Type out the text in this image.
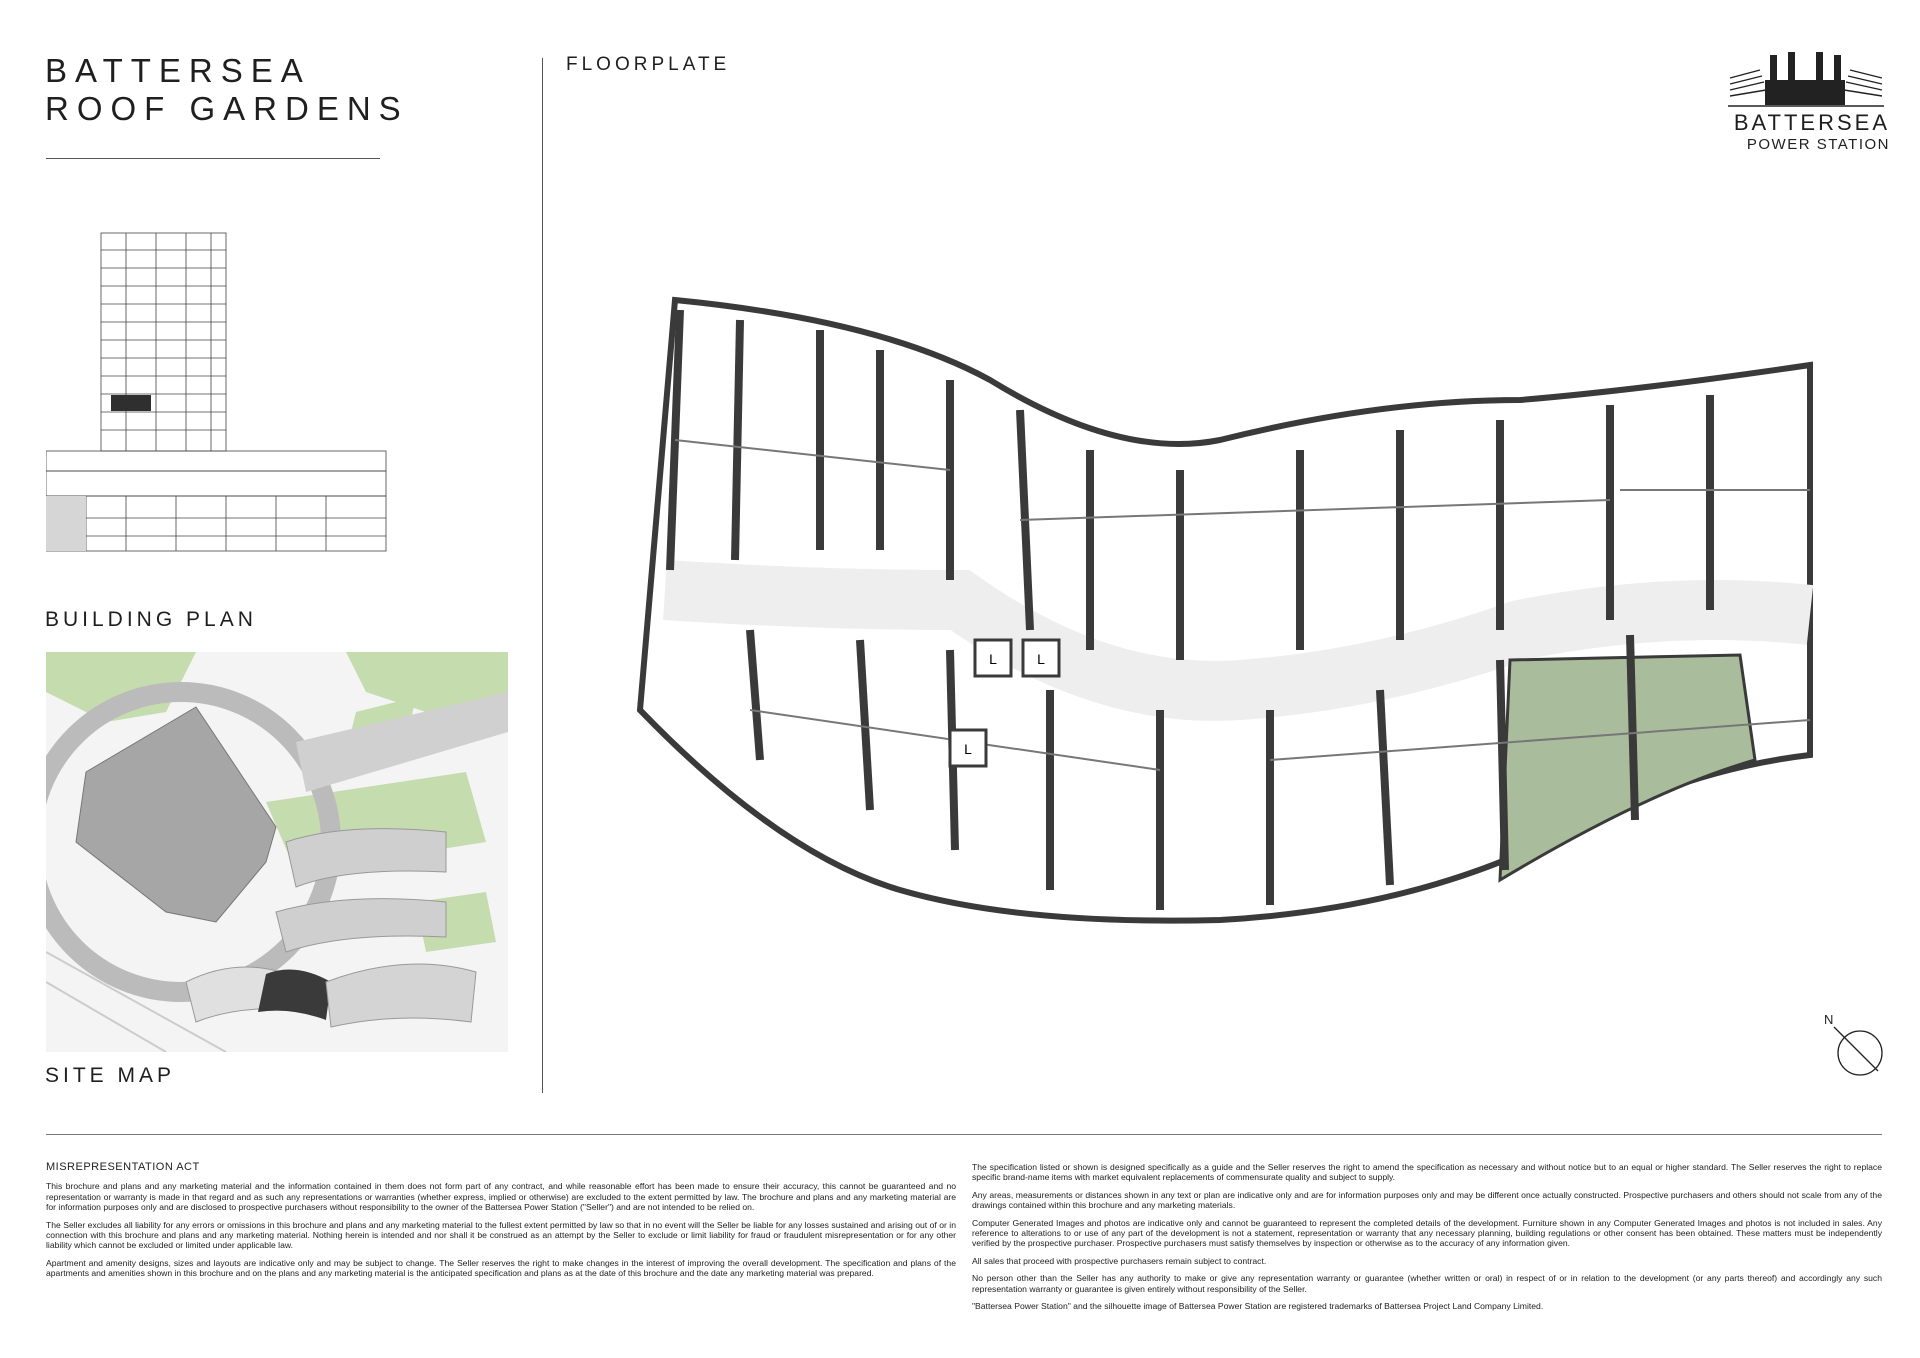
BATTERSEA
ROOF GARDENS
FLOORPLATE
BATTERSEA
POWER STATION
BUILDING PLAN
SITE MAP
L	L
L
N
MISREPRESENTATION ACT

This brochure and plans and any marketing material and the information contained in them does not form part of any contract, and while reasonable effort has been made to ensure their accuracy, this cannot be guaranteed and no representation or warranty is made in that regard and as such any representations or warranties (whether express, implied or otherwise) are excluded to the extent permitted by law. The brochure and plans and any marketing material are for information purposes only and are disclosed to prospective purchasers without responsibility to the owner of the Battersea Power Station ("Seller") and are not intended to be relied on.

The Seller excludes all liability for any errors or omissions in this brochure and plans and any marketing material to the fullest extent permitted by law so that in no event will the Seller be liable for any losses sustained and arising out of or in connection with this brochure and plans and any marketing material. Nothing herein is intended and nor shall it be construed as an attempt by the Seller to exclude or limit liability for fraud or fraudulent misrepresentation or for any other liability which cannot be excluded or limited under applicable law.

Apartment and amenity designs, sizes and layouts are indicative only and may be subject to change. The Seller reserves the right to make changes in the interest of improving the overall development. The specification and plans of the apartments and amenities shown in this brochure and on the plans and any marketing material is the anticipated specification and plans as at the date of this brochure and the date any marketing material was prepared.

The specification listed or shown is designed specifically as a guide and the Seller reserves the right to amend the specification as necessary and without notice but to an equal or higher standard. The Seller reserves the right to replace specific brand-name items with market equivalent replacements of commensurate quality and subject to supply.

Any areas, measurements or distances shown in any text or plan are indicative only and are for information purposes only and may be different once actually constructed. Prospective purchasers and others should not scale from any of the drawings contained within this brochure and any marketing materials.

Computer Generated Images and photos are indicative only and cannot be guaranteed to represent the completed details of the development. Furniture shown in any Computer Generated Images and photos is not included in sales. Any reference to alterations to or use of any part of the development is not a statement, representation or warranty that any necessary planning, building regulations or other consent has been obtained. These matters must be independently verified by the prospective purchaser. Prospective purchasers must satisfy themselves by inspection or otherwise as to the accuracy of any information given.

All sales that proceed with prospective purchasers remain subject to contract.

No person other than the Seller has any authority to make or give any representation warranty or guarantee (whether written or oral) in respect of or in relation to the development (or any parts thereof) and accordingly any such representation warranty or guarantee is given entirely without responsibility of the Seller.

"Battersea Power Station" and the silhouette image of Battersea Power Station are registered trademarks of Battersea Project Land Company Limited.
